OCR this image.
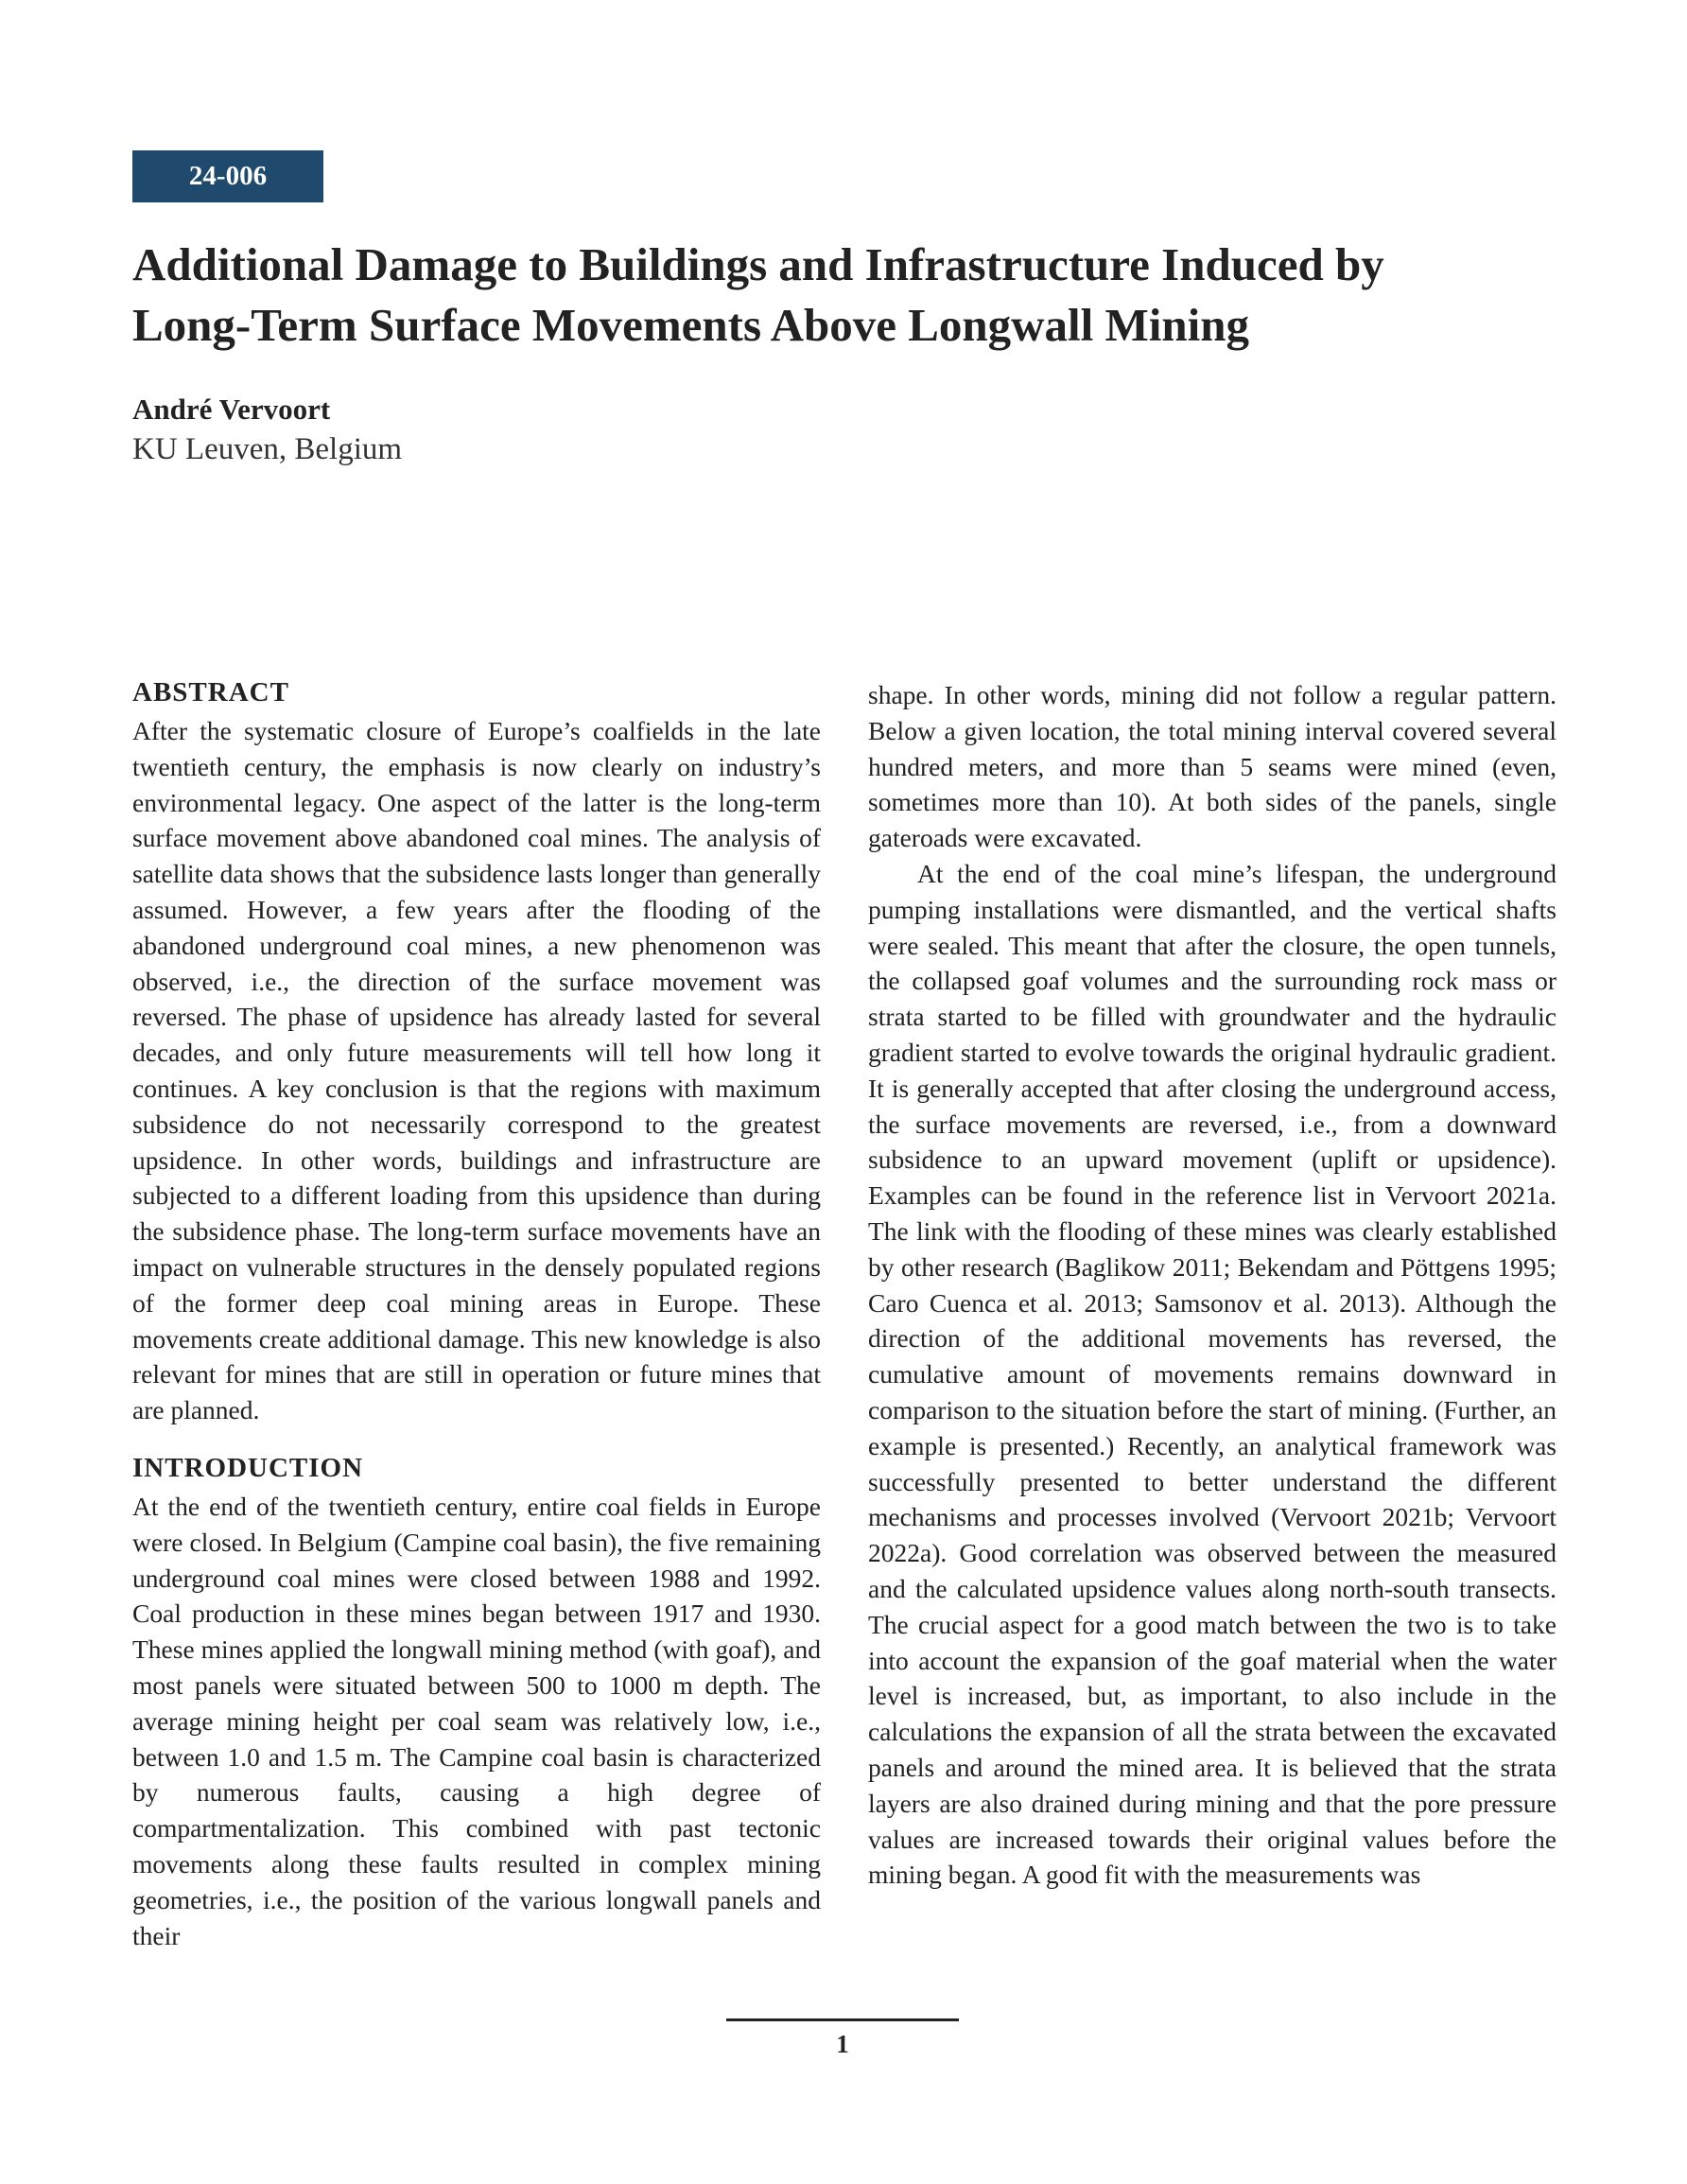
24-006
Additional Damage to Buildings and Infrastructure Induced by
Long-Term Surface Movements Above Longwall Mining
André Vervoort
KU Leuven, Belgium
ABSTRACT

After the systematic closure of Europe’s coalfields in the late twentieth century, the emphasis is now clearly on industry’s environmental legacy. One aspect of the latter is the long-term surface movement above abandoned coal mines. The analysis of satellite data shows that the subsidence lasts longer than generally assumed. However, a few years after the flooding of the abandoned underground coal mines, a new phenomenon was observed, i.e., the direction of the surface movement was reversed. The phase of upsidence has already lasted for several decades, and only future measurements will tell how long it continues. A key conclusion is that the regions with maximum subsidence do not necessarily correspond to the greatest upsidence. In other words, buildings and infrastructure are subjected to a different loading from this upsidence than during the subsidence phase. The long-term surface movements have an impact on vulnerable structures in the densely populated regions of the former deep coal mining areas in Europe. These movements create additional damage. This new knowledge is also relevant for mines that are still in operation or future mines that are planned.

INTRODUCTION

At the end of the twentieth century, entire coal fields in Europe were closed. In Belgium (Campine coal basin), the five remaining underground coal mines were closed between 1988 and 1992. Coal production in these mines began between 1917 and 1930. These mines applied the longwall mining method (with goaf), and most panels were situated between 500 to 1000 m depth. The average mining height per coal seam was relatively low, i.e., between 1.0 and 1.5 m. The Campine coal basin is characterized by numerous faults, causing a high degree of compartmentalization. This combined with past tectonic movements along these faults resulted in complex mining geometries, i.e., the position of the various longwall panels and their

shape. In other words, mining did not follow a regular pattern. Below a given location, the total mining interval covered several hundred meters, and more than 5 seams were mined (even, sometimes more than 10). At both sides of the panels, single gateroads were excavated.

At the end of the coal mine’s lifespan, the underground pumping installations were dismantled, and the vertical shafts were sealed. This meant that after the closure, the open tunnels, the collapsed goaf volumes and the surrounding rock mass or strata started to be filled with groundwater and the hydraulic gradient started to evolve towards the original hydraulic gradient. It is generally accepted that after closing the underground access, the surface movements are reversed, i.e., from a downward subsidence to an upward movement (uplift or upsidence). Examples can be found in the reference list in Vervoort 2021a. The link with the flooding of these mines was clearly established by other research (Baglikow 2011; Bekendam and Pöttgens 1995; Caro Cuenca et al. 2013; Samsonov et al. 2013). Although the direction of the additional movements has reversed, the cumulative amount of movements remains downward in comparison to the situation before the start of mining. (Further, an example is presented.) Recently, an analytical framework was successfully presented to better understand the different mechanisms and processes involved (Vervoort 2021b; Vervoort 2022a). Good correlation was observed between the measured and the calculated upsidence values along north-south transects. The crucial aspect for a good match between the two is to take into account the expansion of the goaf material when the water level is increased, but, as important, to also include in the calculations the expansion of all the strata between the excavated panels and around the mined area. It is believed that the strata layers are also drained during mining and that the pore pressure values are increased towards their original values before the mining began. A good fit with the measurements was

1
